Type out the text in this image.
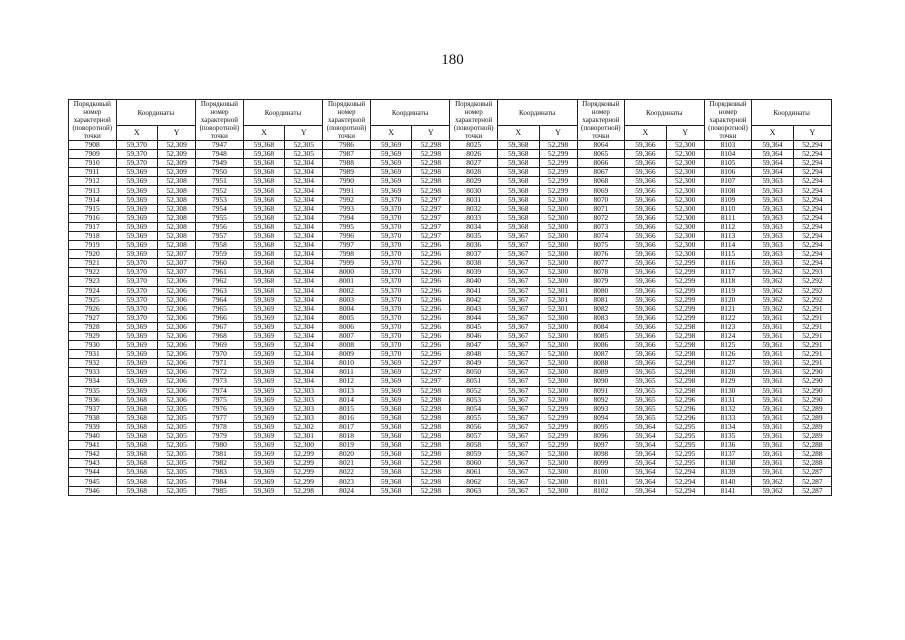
180
Порядковый номер характерной (поворотной) точки	Координаты		Порядковый номер характерной (поворотной) точки	Координаты		Порядковый номер характерной (поворотной) точки	Координаты		Порядковый номер характерной (поворотной) точки	Координаты		Порядковый номер характерной (поворотной) точки	Координаты		Порядковый номер характерной (поворотной) точки	Координаты	
	X	Y		X	Y		X	Y		X	Y		X	Y		X	Y
7908	59,370	52,309	7947	59,368	52,305	7986	59,369	52,298	8025	59,368	52,298	8064	59,366	52,300	8103	59,364	52,294
7909	59,370	52,309	7948	59,368	52,305	7987	59,369	52,298	8026	59,368	52,299	8065	59,366	52,300	8104	59,364	52,294
7910	59,370	52,309	7949	59,368	52,304	7988	59,369	52,298	8027	59,368	52,299	8066	59,366	52,300	8105	59,364	52,294
7911	59,369	52,309	7950	59,368	52,304	7989	59,369	52,298	8028	59,368	52,299	8067	59,366	52,300	8106	59,364	52,294
7912	59,369	52,308	7951	59,368	52,304	7990	59,369	52,298	8029	59,368	52,299	8068	59,366	52,300	8107	59,363	52,294
7913	59,369	52,308	7952	59,368	52,304	7991	59,369	52,298	8030	59,368	52,299	8069	59,366	52,300	8108	59,363	52,294
7914	59,369	52,308	7953	59,368	52,304	7992	59,370	52,297	8031	59,368	52,300	8070	59,366	52,300	8109	59,363	52,294
7915	59,369	52,308	7954	59,368	52,304	7993	59,370	52,297	8032	59,368	52,300	8071	59,366	52,300	8110	59,363	52,294
7916	59,369	52,308	7955	59,368	52,304	7994	59,370	52,297	8033	59,368	52,300	8072	59,366	52,300	8111	59,363	52,294
7917	59,369	52,308	7956	59,368	52,304	7995	59,370	52,297	8034	59,368	52,300	8073	59,366	52,300	8112	59,363	52,294
7918	59,369	52,308	7957	59,368	52,304	7996	59,370	52,297	8035	59,367	52,300	8074	59,366	52,300	8113	59,363	52,294
7919	59,369	52,308	7958	59,368	52,304	7997	59,370	52,296	8036	59,367	52,300	8075	59,366	52,300	8114	59,363	52,294
7920	59,369	52,307	7959	59,368	52,304	7998	59,370	52,296	8037	59,367	52,300	8076	59,366	52,300	8115	59,363	52,294
7921	59,370	52,307	7960	59,368	52,304	7999	59,370	52,296	8038	59,367	52,300	8077	59,366	52,299	8116	59,363	52,294
7922	59,370	52,307	7961	59,368	52,304	8000	59,370	52,296	8039	59,367	52,300	8078	59,366	52,299	8117	59,362	52,293
7923	59,370	52,306	7962	59,368	52,304	8001	59,370	52,296	8040	59,367	52,300	8079	59,366	52,299	8118	59,362	52,292
7924	59,370	52,306	7963	59,368	52,304	8002	59,370	52,296	8041	59,367	52,301	8080	59,366	52,299	8119	59,362	52,292
7925	59,370	52,306	7964	59,369	52,304	8003	59,370	52,296	8042	59,367	52,301	8081	59,366	52,299	8120	59,362	52,292
7926	59,370	52,306	7965	59,369	52,304	8004	59,370	52,296	8043	59,367	52,301	8082	59,366	52,299	8121	59,362	52,291
7927	59,370	52,306	7966	59,369	52,304	8005	59,370	52,296	8044	59,367	52,300	8083	59,366	52,299	8122	59,361	52,291
7928	59,369	52,306	7967	59,369	52,304	8006	59,370	52,296	8045	59,367	52,300	8084	59,366	52,298	8123	59,361	52,291
7929	59,369	52,306	7968	59,369	52,304	8007	59,370	52,296	8046	59,367	52,300	8085	59,366	52,298	8124	59,361	52,291
7930	59,369	52,306	7969	59,369	52,304	8008	59,370	52,296	8047	59,367	52,300	8086	59,366	52,298	8125	59,361	52,291
7931	59,369	52,306	7970	59,369	52,304	8009	59,370	52,296	8048	59,367	52,300	8087	59,366	52,298	8126	59,361	52,291
7932	59,369	52,306	7971	59,369	52,304	8010	59,369	52,297	8049	59,367	52,300	8088	59,366	52,298	8127	59,361	52,291
7933	59,369	52,306	7972	59,369	52,304	8011	59,369	52,297	8050	59,367	52,300	8089	59,365	52,298	8128	59,361	52,290
7934	59,369	52,306	7973	59,369	52,304	8012	59,369	52,297	8051	59,367	52,300	8090	59,365	52,298	8129	59,361	52,290
7935	59,369	52,306	7974	59,369	52,303	8013	59,369	52,298	8052	59,367	52,300	8091	59,365	52,298	8130	59,361	52,290
7936	59,368	52,306	7975	59,369	52,303	8014	59,369	52,298	8053	59,367	52,300	8092	59,365	52,296	8131	59,361	52,290
7937	59,368	52,305	7976	59,369	52,303	8015	59,368	52,298	8054	59,367	52,299	8093	59,365	52,296	8132	59,361	52,289
7938	59,368	52,305	7977	59,369	52,303	8016	59,368	52,298	8055	59,367	52,299	8094	59,365	52,296	8133	59,361	52,289
7939	59,368	52,305	7978	59,369	52,302	8017	59,368	52,298	8056	59,367	52,299	8095	59,364	52,295	8134	59,361	52,289
7940	59,368	52,305	7979	59,369	52,301	8018	59,368	52,298	8057	59,367	52,299	8096	59,364	52,295	8135	59,361	52,289
7941	59,368	52,305	7980	59,369	52,300	8019	59,368	52,298	8058	59,367	52,299	8097	59,364	52,295	8136	59,361	52,288
7942	59,368	52,305	7981	59,369	52,299	8020	59,368	52,298	8059	59,367	52,300	8098	59,364	52,295	8137	59,361	52,288
7943	59,368	52,305	7982	59,369	52,299	8021	59,368	52,298	8060	59,367	52,300	8099	59,364	52,295	8138	59,361	52,288
7944	59,368	52,305	7983	59,369	52,299	8022	59,368	52,298	8061	59,367	52,300	8100	59,364	52,294	8139	59,361	52,287
7945	59,368	52,305	7984	59,369	52,299	8023	59,368	52,298	8062	59,367	52,300	8101	59,364	52,294	8140	59,362	52,287
7946	59,368	52,305	7985	59,369	52,298	8024	59,368	52,298	8063	59,367	52,300	8102	59,364	52,294	8141	59,362	52,287
